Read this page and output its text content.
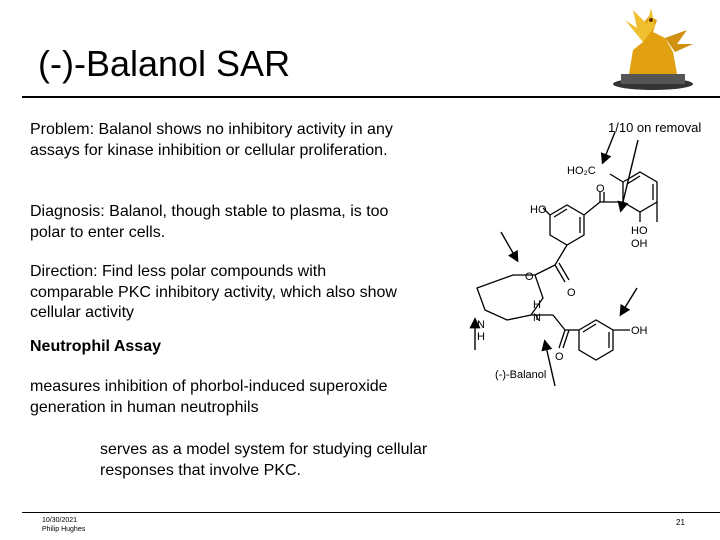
(-)-Balanol SAR

Problem: Balanol shows no inhibitory activity in any assays for kinase inhibition or cellular proliferation.

Diagnosis: Balanol, though stable to plasma, is too polar to enter cells.

Direction: Find less polar compounds with comparable PKC inhibitory activity, which also show cellular activity

Neutrophil Assay

measures inhibition of phorbol-induced superoxide generation in human neutrophils

serves as a model system for studying cellular responses that involve PKC.

1/10 on removal
HO₂C
O
HO
HO
OH
O
O
N
H
H
N
O
OH
(-)-Balanol
10/30/2021
Philip Hughes
21
